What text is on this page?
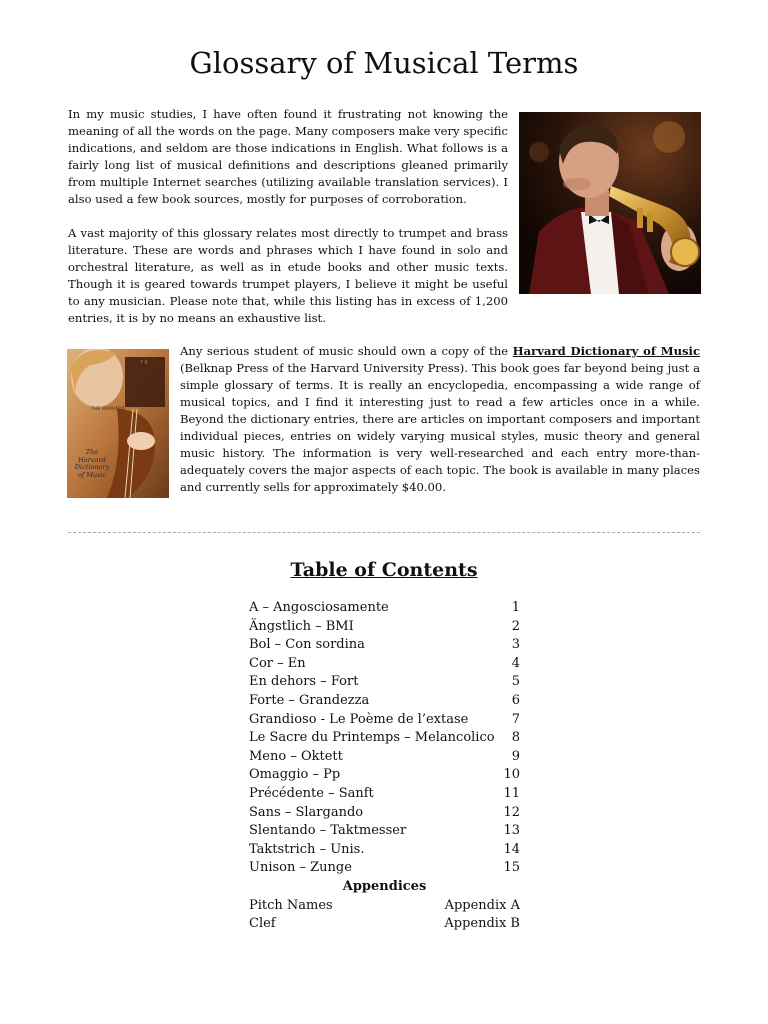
Glossary of Musical Terms

In my music studies, I have often found it frustrating not knowing the meaning of all the words on the page. Many composers make very specific indications, and seldom are those indications in English. What follows is a fairly long list of musical definitions and descriptions gleaned primarily from multiple Internet searches (utilizing available translation services). I also used a few book sources, mostly for purposes of corroboration.

A vast majority of this glossary relates most directly to trumpet and brass literature. These are words and phrases which I have found in solo and orchestral literature, as well as in etude books and other music texts. Though it is geared towards trumpet players, I believe it might be useful to any musician. Please note that, while this listing has in excess of 1,200 entries, it is by no means an exhaustive list.

♪ ♫
THE HARVARD
The
Harvard
Dictionary
of Music

Any serious student of music should own a copy of the Harvard Dictionary of Music (Belknap Press of the Harvard University Press). This book goes far beyond being just a simple glossary of terms. It is really an encyclopedia, encompassing a wide range of musical topics, and I find it interesting just to read a few articles once in a while. Beyond the dictionary entries, there are articles on important composers and important individual pieces, entries on widely varying musical styles, music theory and general music history. The information is very well-researched and each entry more-than-adequately covers the major aspects of each topic. The book is available in many places and currently sells for approximately $40.00.

Table of Contents
A – Angosciosamente	1
Ängstlich – BMI	2
Bol – Con sordina	3
Cor – En	4
En dehors – Fort	5
Forte – Grandezza	6
Grandioso - Le Poème de l’extase	7
Le Sacre du Printemps – Melancolico 8
Meno – Oktett	9
Omaggio – Pp	10
Précédente – Sanft	11
Sans – Slargando	12
Slentando – Taktmesser	13
Taktstrich – Unis.	14
Unison – Zunge	15
Appendices
Pitch Names	Appendix A
Clef	Appendix B
